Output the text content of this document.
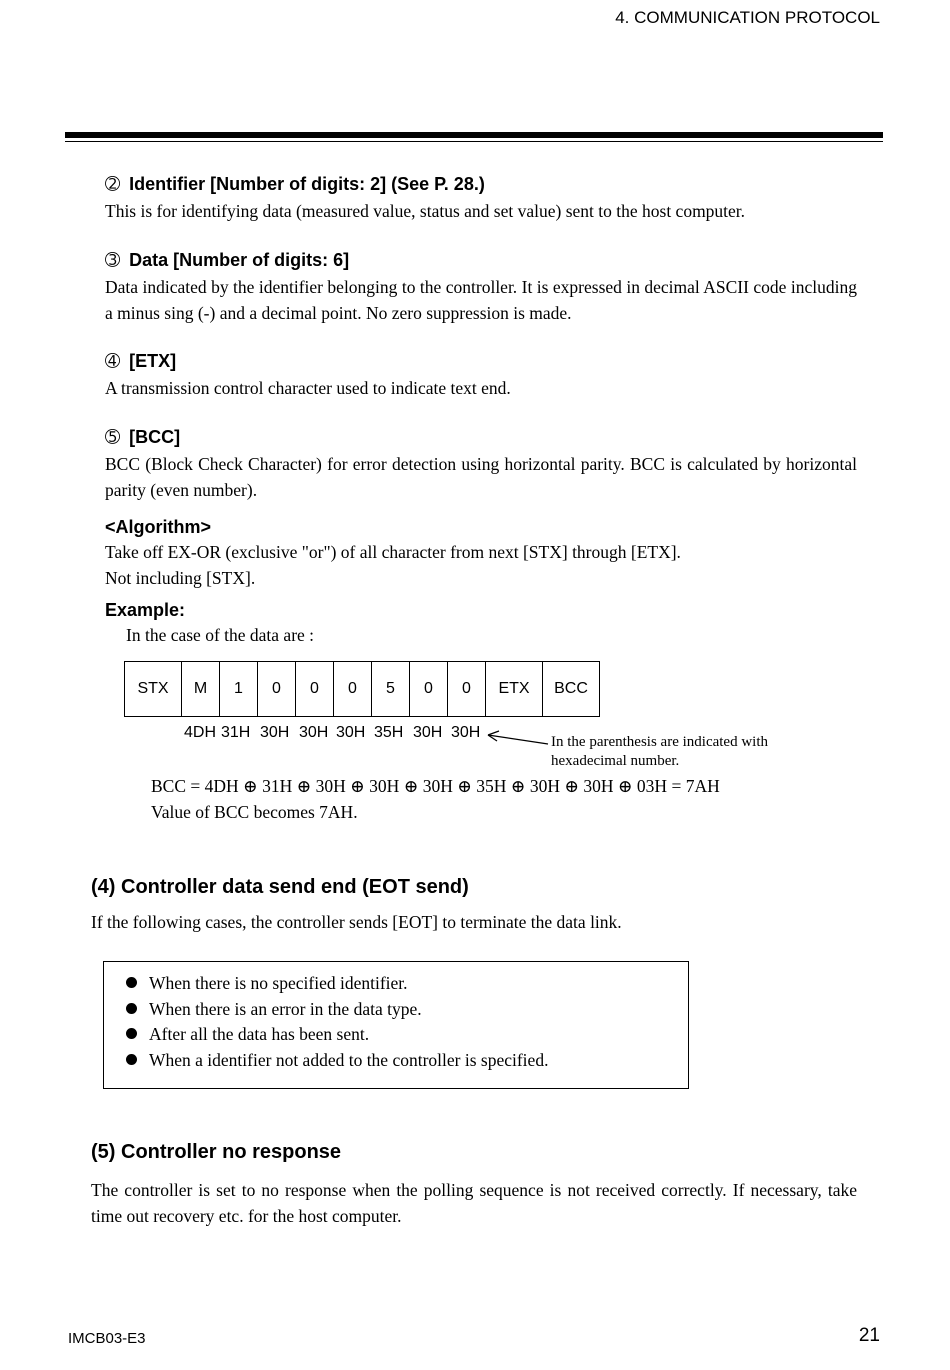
4. COMMUNICATION PROTOCOL
➁ Identifier [Number of digits: 2] (See P. 28.)
This is for identifying data (measured value, status and set value) sent to the host computer.
➂ Data [Number of digits: 6]
Data indicated by the identifier belonging to the controller. It is expressed in decimal ASCII code including a minus sing (-) and a decimal point. No zero suppression is made.
➃ [ETX]
A transmission control character used to indicate text end.
➄ [BCC]
BCC (Block Check Character) for error detection using horizontal parity. BCC is calculated by horizontal parity (even number).
<Algorithm>
Take off EX-OR (exclusive "or") of all character from next [STX] through [ETX].
Not including [STX].
Example:
In the case of the data are :
STX	M	1	0	0	0	5	0	0	ETX	BCC
4DH 31H 30H 30H 30H 35H 30H 30H
In the parenthesis are indicated with hexadecimal number.
BCC = 4DH ⊕ 31H ⊕ 30H ⊕ 30H ⊕ 30H ⊕ 35H ⊕ 30H ⊕ 30H ⊕ 03H = 7AH
Value of BCC becomes 7AH.
(4) Controller data send end (EOT send)
If the following cases, the controller sends [EOT] to terminate the data link.
When there is no specified identifier.
When there is an error in the data type.
After all the data has been sent.
When a identifier not added to the controller is specified.
(5) Controller no response
The controller is set to no response when the polling sequence is not received correctly. If necessary, take time out recovery etc. for the host computer.
IMCB03-E3	21
